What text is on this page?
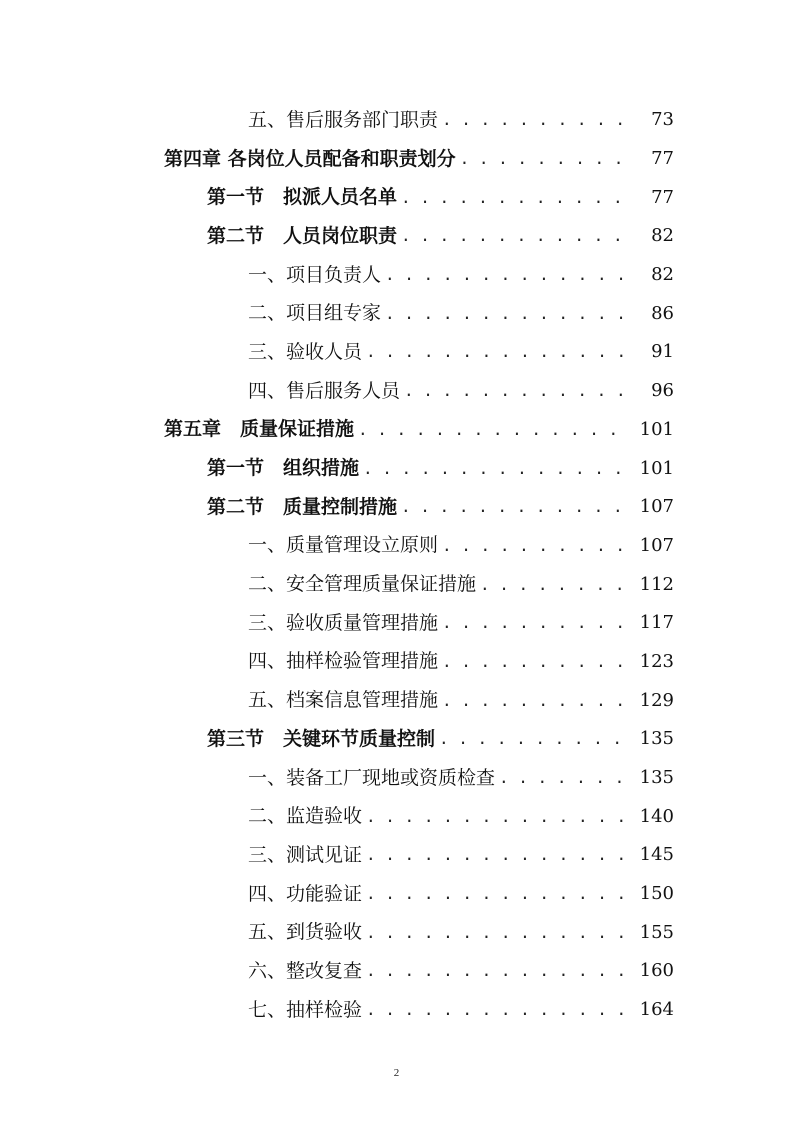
五、售后服务部门职责 . . .	73
第四章 各岗位人员配备和职责划分 . . .	77
第一节　拟派人员名单 . . .	77
第二节　人员岗位职责 . . .	82
一、项目负责人 . . .	82
二、项目组专家 . . .	86
三、验收人员 . . .	91
四、售后服务人员 . . .	96
第五章　质量保证措施 . . .	101
第一节　组织措施 . . .	101
第二节　质量控制措施 . . .	107
一、质量管理设立原则 . . .	107
二、安全管理质量保证措施 . . .	112
三、验收质量管理措施 . . .	117
四、抽样检验管理措施 . . .	123
五、档案信息管理措施 . . .	129
第三节　关键环节质量控制 . . .	135
一、装备工厂现地或资质检查 . . .	135
二、监造验收 . . .	140
三、测试见证 . . .	145
四、功能验证 . . .	150
五、到货验收 . . .	155
六、整改复查 . . .	160
七、抽样检验 . . .	164
2
